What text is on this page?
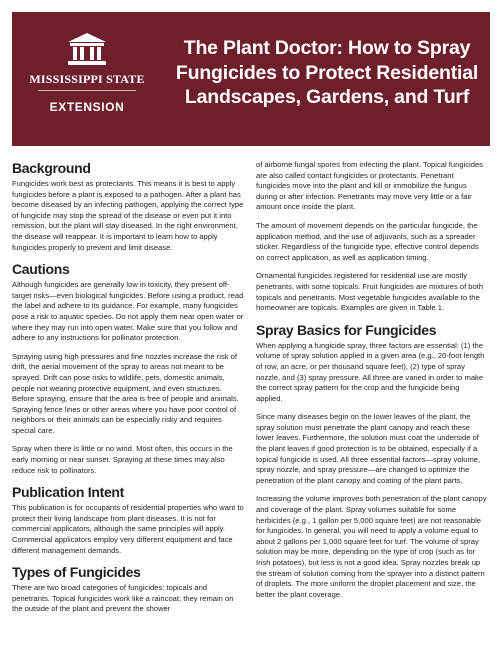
MISSISSIPPI STATE
EXTENSION
The Plant Doctor: How to Spray Fungicides to Protect Residential Landscapes, Gardens, and Turf
Background

Fungicides work best as protectants. This means it is best to apply fungicides before a plant is exposed to a pathogen. After a plant has become diseased by an infecting pathogen, applying the correct type of fungicide may stop the spread of the disease or even put it into remission, but the plant will stay diseased. In the right environment, the disease will reappear. It is important to learn how to apply fungicides properly to prevent and limit disease.

Cautions

Although fungicides are generally low in toxicity, they present off-target risks—even biological fungicides. Before using a product, read the label and adhere to its guidance. For example, many fungicides pose a risk to aquatic species. Do not apply them near open water or where they may run into open water. Make sure that you follow and adhere to any instructions for pollinator protection.

Spraying using high pressures and fine nozzles increase the risk of drift, the aerial movement of the spray to areas not meant to be sprayed. Drift can pose risks to wildlife, pets, domestic animals, people not wearing protective equipment, and even structures. Before spraying, ensure that the area is free of people and animals. Spraying fence lines or other areas where you have poor control of neighbors or their animals can be especially risky and requires special care.

Spray when there is little or no wind. Most often, this occurs in the early morning or near sunset. Spraying at these times may also reduce risk to pollinators.

Publication Intent

This publication is for occupants of residential properties who want to protect their living landscape from plant diseases. It is not for commercial applicators, although the same principles will apply. Commercial applicators employ very different equipment and face different management demands.

Types of Fungicides

There are two broad categories of fungicides: topicals and penetrants. Topical fungicides work like a raincoat; they remain on the outside of the plant and prevent the shower

of airborne fungal spores from infecting the plant. Topical fungicides are also called contact fungicides or protectants. Penetrant fungicides move into the plant and kill or immobilize the fungus during or after infection. Penetrants may move very little or a fair amount once inside the plant.

The amount of movement depends on the particular fungicide, the application method, and the use of adjuvants, such as a spreader sticker. Regardless of the fungicide type, effective control depends on correct application, as well as application timing.

Ornamental fungicides registered for residential use are mostly penetrants, with some topicals. Fruit fungicides are mixtures of both topicals and penetrants. Most vegetable fungicides available to the homeowner are topicals. Examples are given in Table 1.

Spray Basics for Fungicides

When applying a fungicide spray, three factors are essential: (1) the volume of spray solution applied in a given area (e.g., 20-foot length of row, an acre, or per thousand square feet), (2) type of spray nozzle, and (3) spray pressure. All three are varied in order to make the correct spray pattern for the crop and the fungicide being applied.

Since many diseases begin on the lower leaves of the plant, the spray solution must penetrate the plant canopy and reach these lower leaves. Furthermore, the solution must coat the underside of the plant leaves if good protection is to be obtained, especially if a topical fungicide is used. All three essential factors—spray volume, spray nozzle, and spray pressure—are changed to optimize the penetration of the plant canopy and coating of the plant parts.

Increasing the volume improves both penetration of the plant canopy and coverage of the plant. Spray volumes suitable for some herbicides (e.g., 1 gallon per 5,000 square feet) are not reasonable for fungicides. In general, you will need to apply a volume equal to about 2 gallons per 1,000 square feet for turf. The volume of spray solution may be more, depending on the type of crop (such as for Irish potatoes), but less is not a good idea. Spray nozzles break up the stream of solution coming from the sprayer into a distinct pattern of droplets. The more uniform the droplet placement and size, the better the plant coverage.
